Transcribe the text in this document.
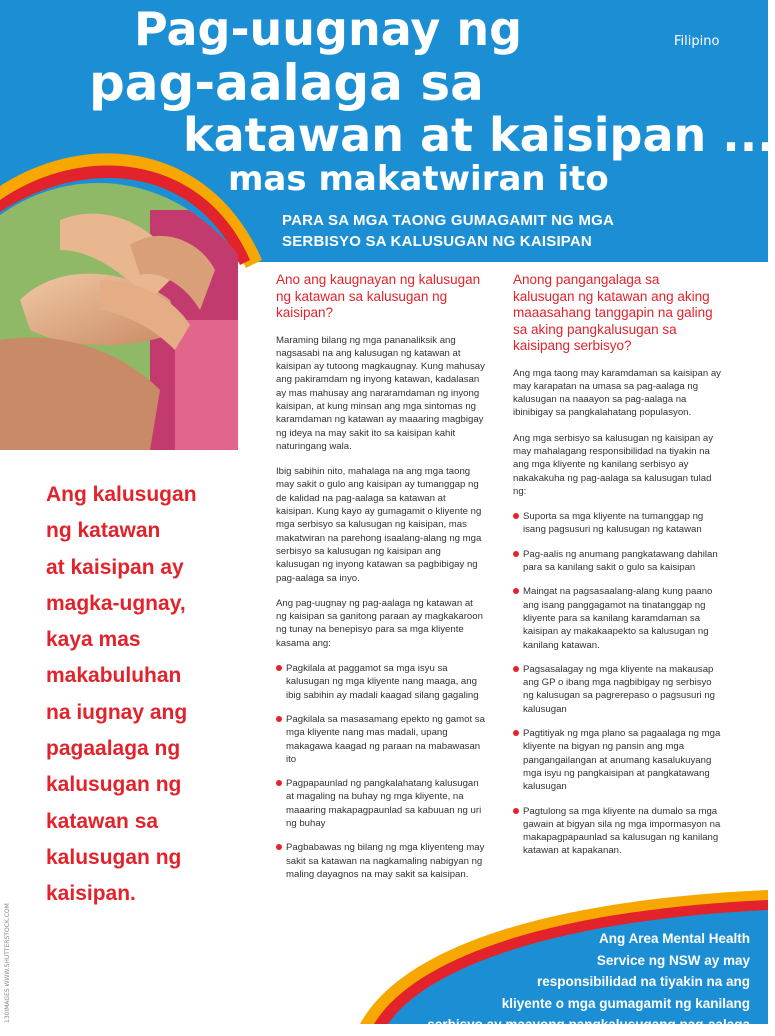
Pag-uugnay ng
pag-aalaga sa
katawan at kaisipan ...
mas makatwiran ito
Filipino
PARA SA MGA TAONG GUMAGAMIT NG MGA
SERBISYO SA KALUSUGAN NG KAISIPAN
Ang kalusugan
ng katawan
at kaisipan ay
magka-ugnay,
kaya mas
makabuluhan
na iugnay ang
pagaalaga ng
kalusugan ng
katawan sa
kalusugan ng
kaisipan.
Ano ang kaugnayan ng kalusugan ng katawan sa kalusugan ng kaisipan?
Maraming bilang ng mga pananaliksik ang nagsasabi na ang kalusugan ng katawan at kaisipan ay tutoong magkaugnay. Kung mahusay ang pakiramdam ng inyong katawan, kadalasan ay mas mahusay ang nararamdaman ng inyong kaisipan, at kung minsan ang mga sintomas ng karamdaman ng katawan ay maaaring magbigay ng ideya na may sakit ito sa kaisipan kahit naturingang wala.
Ibig sabihin nito, mahalaga na ang mga taong may sakit o gulo ang kaisipan ay tumanggap ng de kalidad na pag-aalaga sa katawan at kaisipan. Kung kayo ay gumagamit o kliyente ng mga serbisyo sa kalusugan ng kaisipan, mas makatwiran na parehong isaalang-alang ng mga serbisyo sa kalusugan ng kaisipan ang kalusugan ng inyong katawan sa pagbibigay ng pag-aalaga sa inyo.
Ang pag-uugnay ng pag-aalaga ng katawan at ng kaisipan sa ganitong paraan ay magkakaroon ng tunay na benepisyo para sa mga kliyente kasama ang:
Pagkilala at paggamot sa mga isyu sa kalusugan ng mga kliyente nang maaga, ang ibig sabihin ay madali kaagad silang gagaling
Pagkilala sa masasamang epekto ng gamot sa mga kliyente nang mas madali, upang makagawa kaagad ng paraan na mabawasan ito
Pagpapaunlad ng pangkalahatang kalusugan at magaling na buhay ng mga kliyente, na maaaring makapagpaunlad sa kabuuan ng uri ng buhay
Pagbabawas ng bilang ng mga kliyenteng may sakit sa katawan na nagkamaling nabigyan ng maling dayagnos na may sakit sa kaisipan.
Anong pangangalaga sa kalusugan ng katawan ang aking maaasahang tanggapin na galing sa aking pangkalusugan sa kaisipang serbisyo?
Ang mga taong may karamdaman sa kaisipan ay may karapatan na umasa sa pag-aalaga ng kalusugan na naaayon sa pag-aalaga na ibinibigay sa pangkalahatang populasyon.
Ang mga serbisyo sa kalusugan ng kaisipan ay may mahalagang responsibilidad na tiyakin na ang mga kliyente ng kanilang serbisyo ay nakakakuha ng pag-aalaga sa kalusugan tulad ng:
Suporta sa mga kliyente na tumanggap ng isang pagsusuri ng kalusugan ng katawan
Pag-aalis ng anumang pangkatawang dahilan para sa kanilang sakit o gulo sa kaisipan
Maingat na pagsasaalang-alang kung paano ang isang panggagamot na tinatanggap ng kliyente para sa kanilang karamdaman sa kaisipan ay makakaapekto sa kalusugan ng kanilang katawan.
Pagsasalagay ng mga kliyente na makausap ang GP o ibang mga nagbibigay ng serbisyo ng kalusugan sa pagrerepaso o pagsusuri ng kalusugan
Pagtitiyak ng mga plano sa pagaalaga ng mga kliyente na bigyan ng pansin ang mga pangangailangan at anumang kasalukuyang mga isyu ng pangkaisipan at pangkatawang kalusugan
Pagtulong sa mga kliyente na dumalo sa mga gawain at bigyan sila ng mga impormasyon na makapagpapaunlad sa kalusugan ng kanilang katawan at kapakanan.
Ang Area Mental Health
Service ng NSW ay may
responsibilidad na tiyakin na ang
kliyente o mga gumagamit ng kanilang
serbisyo ay maayong pangkalusugang pag-aalaga
130IMAGES WWW.SHUTTERSTOCK.COM
